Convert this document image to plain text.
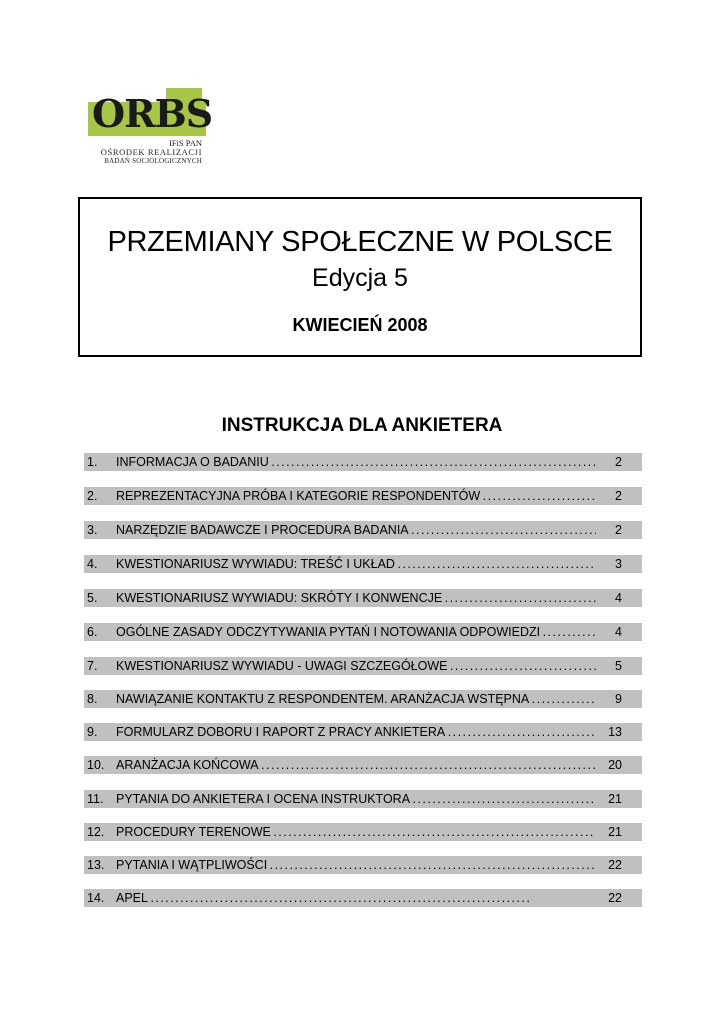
ORBS
IFiS PAN
OŚRODEK REALIZACJI
BADAŃ SOCJOLOGICZNYCH
PRZEMIANY SPOŁECZNE W POLSCE
Edycja 5
KWIECIEŃ 2008
INSTRUKCJA DLA ANKIETERA
1. INFORMACJA O BADANIU . . .	2
2. REPREZENTACYJNA PRÓBA I KATEGORIE RESPONDENTÓW . . .	2
3. NARZĘDZIE BADAWCZE I PROCEDURA BADANIA . . .	2
4. KWESTIONARIUSZ WYWIADU: TREŚĆ I UKŁAD . . .	3
5. KWESTIONARIUSZ WYWIADU: SKRÓTY I KONWENCJE . . .	4
6. OGÓLNE ZASADY ODCZYTYWANIA PYTAŃ I NOTOWANIA ODPOWIEDZI . . .	4
7. KWESTIONARIUSZ WYWIADU - UWAGI SZCZEGÓŁOWE . . .	5
8. NAWIĄZANIE KONTAKTU Z RESPONDENTEM. ARANŻACJA WSTĘPNA . . .	9
9. FORMULARZ DOBORU I RAPORT Z PRACY ANKIETERA . . .	13
10. ARANŻACJA KOŃCOWA . . .	20
11. PYTANIA DO ANKIETERA I OCENA INSTRUKTORA . . .	21
12. PROCEDURY TERENOWE . . .	21
13. PYTANIA I WĄTPLIWOŚCI . . .	22
14. APEL . . .	22
